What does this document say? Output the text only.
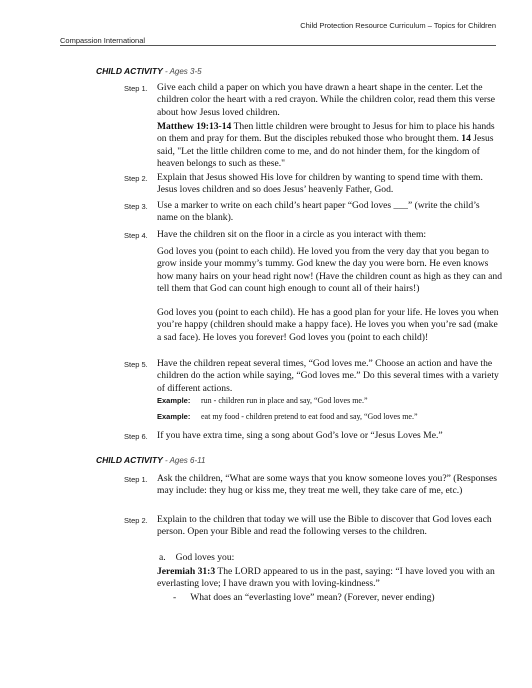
Child Protection Resource Curriculum – Topics for Children
Compassion International
CHILD ACTIVITY - Ages 3-5
Step 1. Give each child a paper on which you have drawn a heart shape in the center. Let the children color the heart with a red crayon. While the children color, read them this verse about how Jesus loved children.
Matthew 19:13-14 Then little children were brought to Jesus for him to place his hands on them and pray for them. But the disciples rebuked those who brought them. 14 Jesus said, "Let the little children come to me, and do not hinder them, for the kingdom of heaven belongs to such as these."
Step 2. Explain that Jesus showed His love for children by wanting to spend time with them. Jesus loves children and so does Jesus’ heavenly Father, God.
Step 3. Use a marker to write on each child’s heart paper “God loves ___” (write the child’s name on the blank).
Step 4. Have the children sit on the floor in a circle as you interact with them:
God loves you (point to each child). He loved you from the very day that you began to grow inside your mommy’s tummy. God knew the day you were born. He even knows how many hairs on your head right now! (Have the children count as high as they can and tell them that God can count high enough to count all of their hairs!)
God loves you (point to each child). He has a good plan for your life. He loves you when you’re happy (children should make a happy face). He loves you when you’re sad (make a sad face). He loves you forever! God loves you (point to each child)!
Step 5. Have the children repeat several times, “God loves me.” Choose an action and have the children do the action while saying, “God loves me.” Do this several times with a variety of different actions.
Example: run - children run in place and say, “God loves me.”
Example: eat my food - children pretend to eat food and say, “God loves me.”
Step 6. If you have extra time, sing a song about God’s love or “Jesus Loves Me.”
CHILD ACTIVITY - Ages 6-11
Step 1. Ask the children, “What are some ways that you know someone loves you?” (Responses may include: they hug or kiss me, they treat me well, they take care of me, etc.)
Step 2. Explain to the children that today we will use the Bible to discover that God loves each person. Open your Bible and read the following verses to the children.
a. God loves you:
Jeremiah 31:3 The LORD appeared to us in the past, saying: “I have loved you with an everlasting love; I have drawn you with loving-kindness.”
- What does an “everlasting love” mean? (Forever, never ending)
